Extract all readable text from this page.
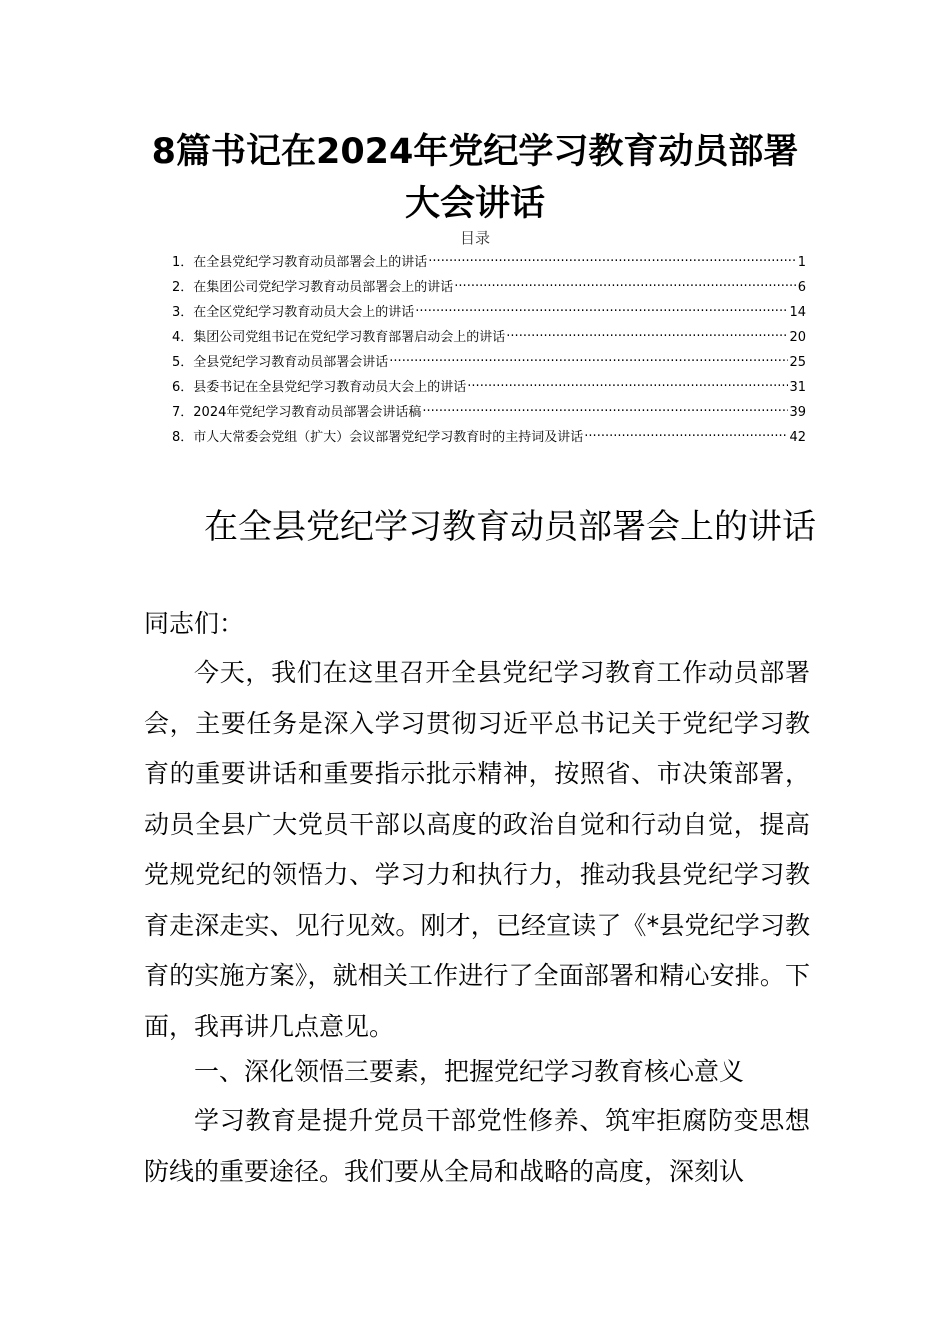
8篇书记在2024年党纪学习教育动员部署大会讲话
目录
1． 在全县党纪学习教育动员部署会上的讲话 .....	1
2． 在集团公司党纪学习教育动员部署会上的讲话 .....	6
3． 在全区党纪学习教育动员大会上的讲话 .....	14
4． 集团公司党组书记在党纪学习教育部署启动会上的讲话 .....	20
5． 全县党纪学习教育动员部署会讲话 .....	25
6． 县委书记在全县党纪学习教育动员大会上的讲话 .....	31
7． 2024年党纪学习教育动员部署会讲话稿 .....	39
8． 市人大常委会党组（扩大）会议部署党纪学习教育时的主持词及讲话 .....	42
在全县党纪学习教育动员部署会上的讲话

同志们：

今天，我们在这里召开全县党纪学习教育工作动员部署会，主要任务是深入学习贯彻习近平总书记关于党纪学习教育的重要讲话和重要指示批示精神，按照省、市决策部署，动员全县广大党员干部以高度的政治自觉和行动自觉，提高党规党纪的领悟力、学习力和执行力，推动我县党纪学习教育走深走实、见行见效。刚才，已经宣读了《*县党纪学习教育的实施方案》，就相关工作进行了全面部署和精心安排。下面，我再讲几点意见。

一、深化领悟三要素，把握党纪学习教育核心意义

学习教育是提升党员干部党性修养、筑牢拒腐防变思想防线的重要途径。我们要从全局和战略的高度，深刻认
